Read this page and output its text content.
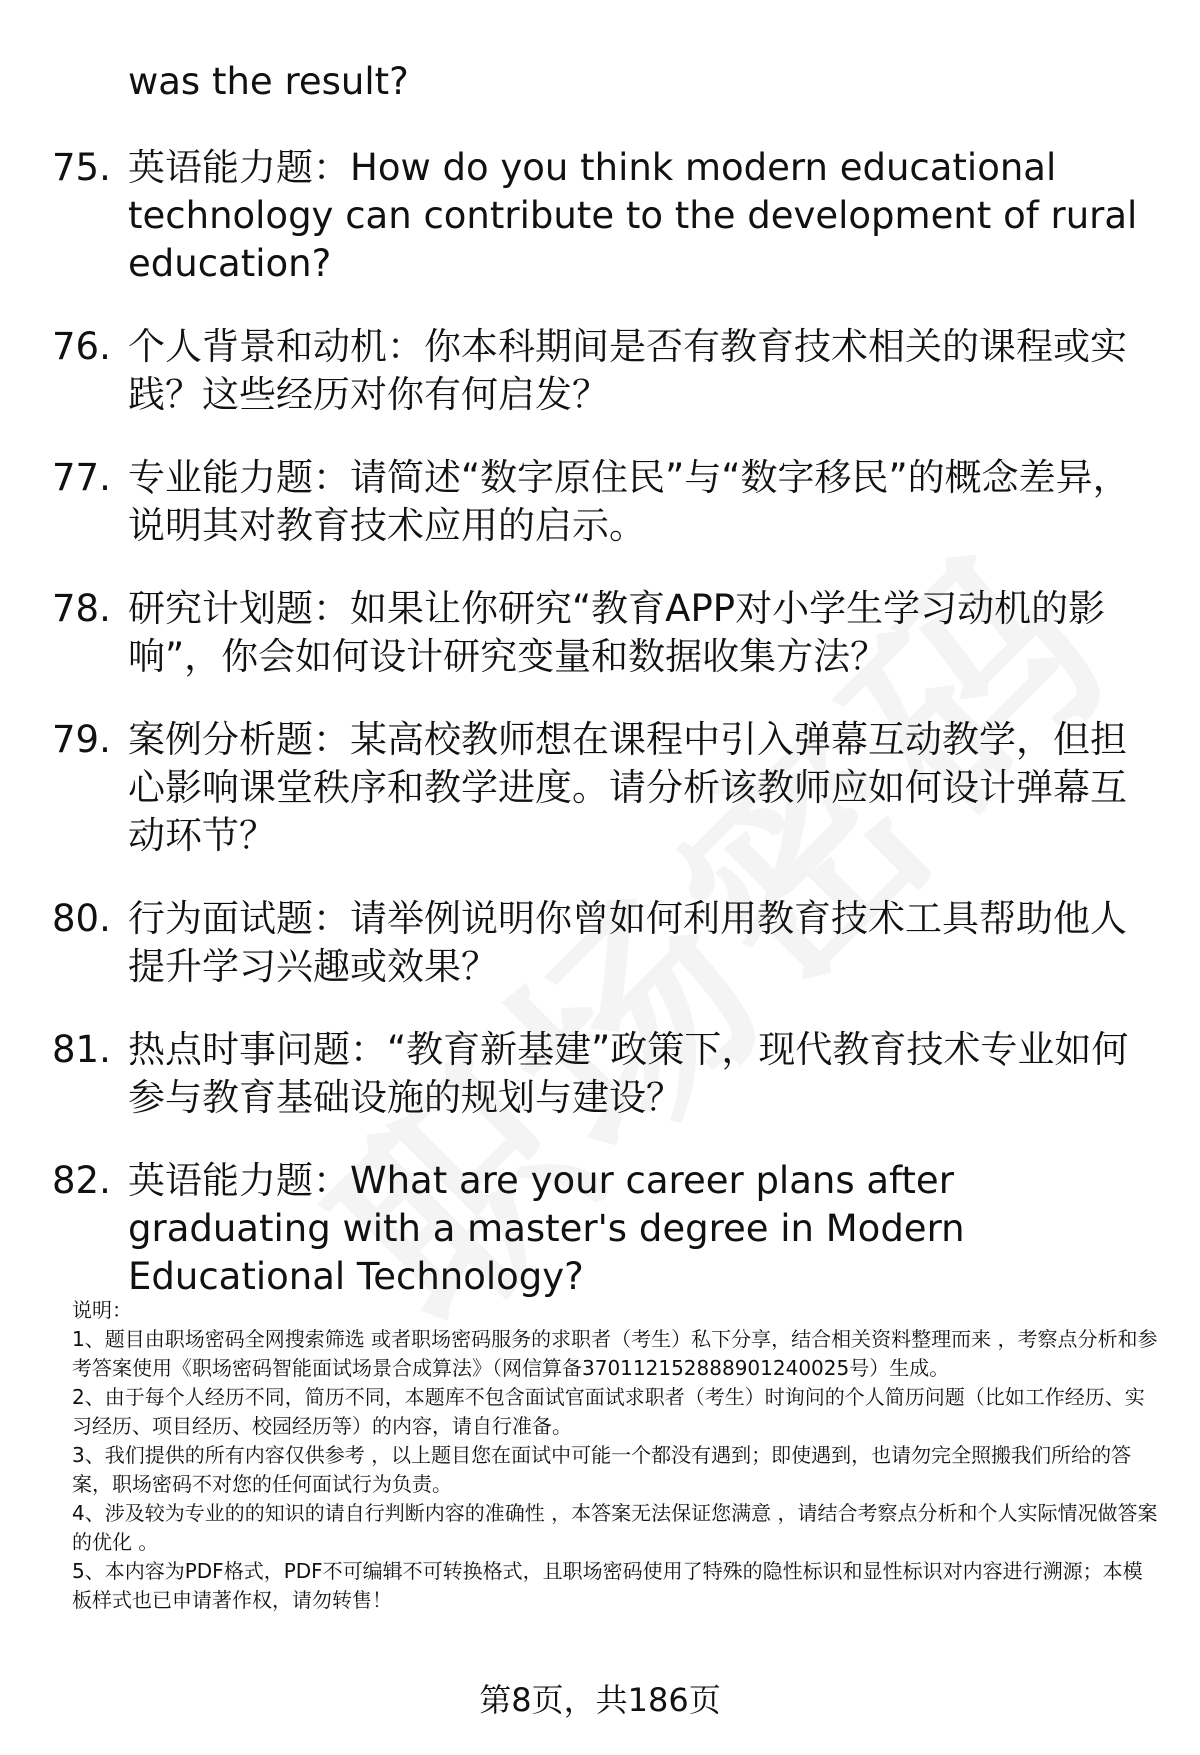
was the result?
75. 英语能力题：How do you think modern educational technology can contribute to the development of rural education?
76. 个人背景和动机：你本科期间是否有教育技术相关的课程或实践？这些经历对你有何启发？
77. 专业能力题：请简述“数字原住民”与“数字移民”的概念差异，说明其对教育技术应用的启示。
78. 研究计划题：如果让你研究“教育APP对小学生学习动机的影响”，你会如何设计研究变量和数据收集方法？
79. 案例分析题：某高校教师想在课程中引入弹幕互动教学，但担心影响课堂秩序和教学进度。请分析该教师应如何设计弹幕互动环节？
80. 行为面试题：请举例说明你曾如何利用教育技术工具帮助他人提升学习兴趣或效果？
81. 热点时事问题：“教育新基建”政策下，现代教育技术专业如何参与教育基础设施的规划与建设？
82. 英语能力题：What are your career plans after graduating with a master's degree in Modern Educational Technology?

说明：

1、题目由职场密码全网搜索筛选 或者职场密码服务的求职者（考生）私下分享，结合相关资料整理而来 ，考察点分析和参考答案使用《职场密码智能面试场景合成算法》（网信算备370112152888901240025号）生成。

2、由于每个人经历不同，简历不同，本题库不包含面试官面试求职者（考生）时询问的个人简历问题（比如工作经历、实习经历、项目经历、校园经历等）的内容，请自行准备。

3、我们提供的所有内容仅供参考 ，以上题目您在面试中可能一个都没有遇到；即使遇到，也请勿完全照搬我们所给的答案，职场密码不对您的任何面试行为负责。

4、涉及较为专业的的知识的请自行判断内容的准确性 ，本答案无法保证您满意 ，请结合考察点分析和个人实际情况做答案的优化 。

5、本内容为PDF格式，PDF不可编辑不可转换格式，且职场密码使用了特殊的隐性标识和显性标识对内容进行溯源；本模板样式也已申请著作权，请勿转售！

第8页，共186页
